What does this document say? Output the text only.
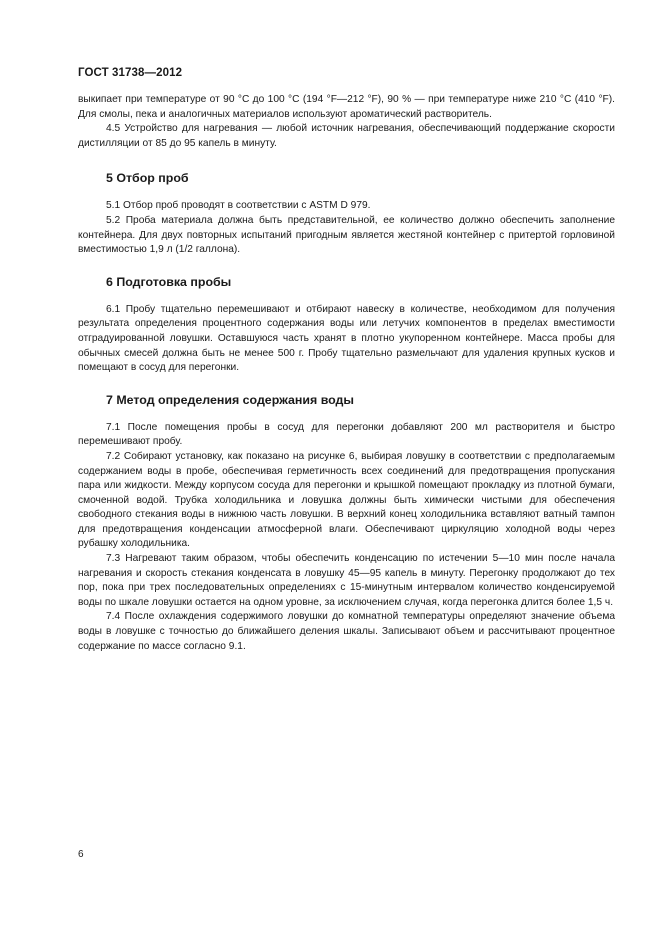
ГОСТ 31738—2012

выкипает при температуре от 90 °С до 100 °С (194 °F—212 °F), 90 % — при температуре ниже 210 °С (410 °F). Для смолы, пека и аналогичных материалов используют ароматический растворитель.

4.5 Устройство для нагревания — любой источник нагревания, обеспечивающий поддержание скорости дистилляции от 85 до 95 капель в минуту.

5 Отбор проб

5.1 Отбор проб проводят в соответствии с ASTM D 979.

5.2 Проба материала должна быть представительной, ее количество должно обеспечить заполнение контейнера. Для двух повторных испытаний пригодным является жестяной контейнер с притертой горловиной вместимостью 1,9 л (1/2 галлона).

6 Подготовка пробы

6.1 Пробу тщательно перемешивают и отбирают навеску в количестве, необходимом для получения результата определения процентного содержания воды или летучих компонентов в пределах вместимости отградуированной ловушки. Оставшуюся часть хранят в плотно укупоренном контейнере. Масса пробы для обычных смесей должна быть не менее 500 г. Пробу тщательно размельчают для удаления крупных кусков и помещают в сосуд для перегонки.

7 Метод определения содержания воды

7.1 После помещения пробы в сосуд для перегонки добавляют 200 мл растворителя и быстро перемешивают пробу.

7.2 Собирают установку, как показано на рисунке 6, выбирая ловушку в соответствии с предполагаемым содержанием воды в пробе, обеспечивая герметичность всех соединений для предотвращения пропускания пара или жидкости. Между корпусом сосуда для перегонки и крышкой помещают прокладку из плотной бумаги, смоченной водой. Трубка холодильника и ловушка должны быть химически чистыми для обеспечения свободного стекания воды в нижнюю часть ловушки. В верхний конец холодильника вставляют ватный тампон для предотвращения конденсации атмосферной влаги. Обеспечивают циркуляцию холодной воды через рубашку холодильника.

7.3 Нагревают таким образом, чтобы обеспечить конденсацию по истечении 5—10 мин после начала нагревания и скорость стекания конденсата в ловушку 45—95 капель в минуту. Перегонку продолжают до тех пор, пока при трех последовательных определениях с 15-минутным интервалом количество конденсируемой воды по шкале ловушки остается на одном уровне, за исключением случая, когда перегонка длится более 1,5 ч.

7.4 После охлаждения содержимого ловушки до комнатной температуры определяют значение объема воды в ловушке с точностью до ближайшего деления шкалы. Записывают объем и рассчитывают процентное содержание по массе согласно 9.1.

6
